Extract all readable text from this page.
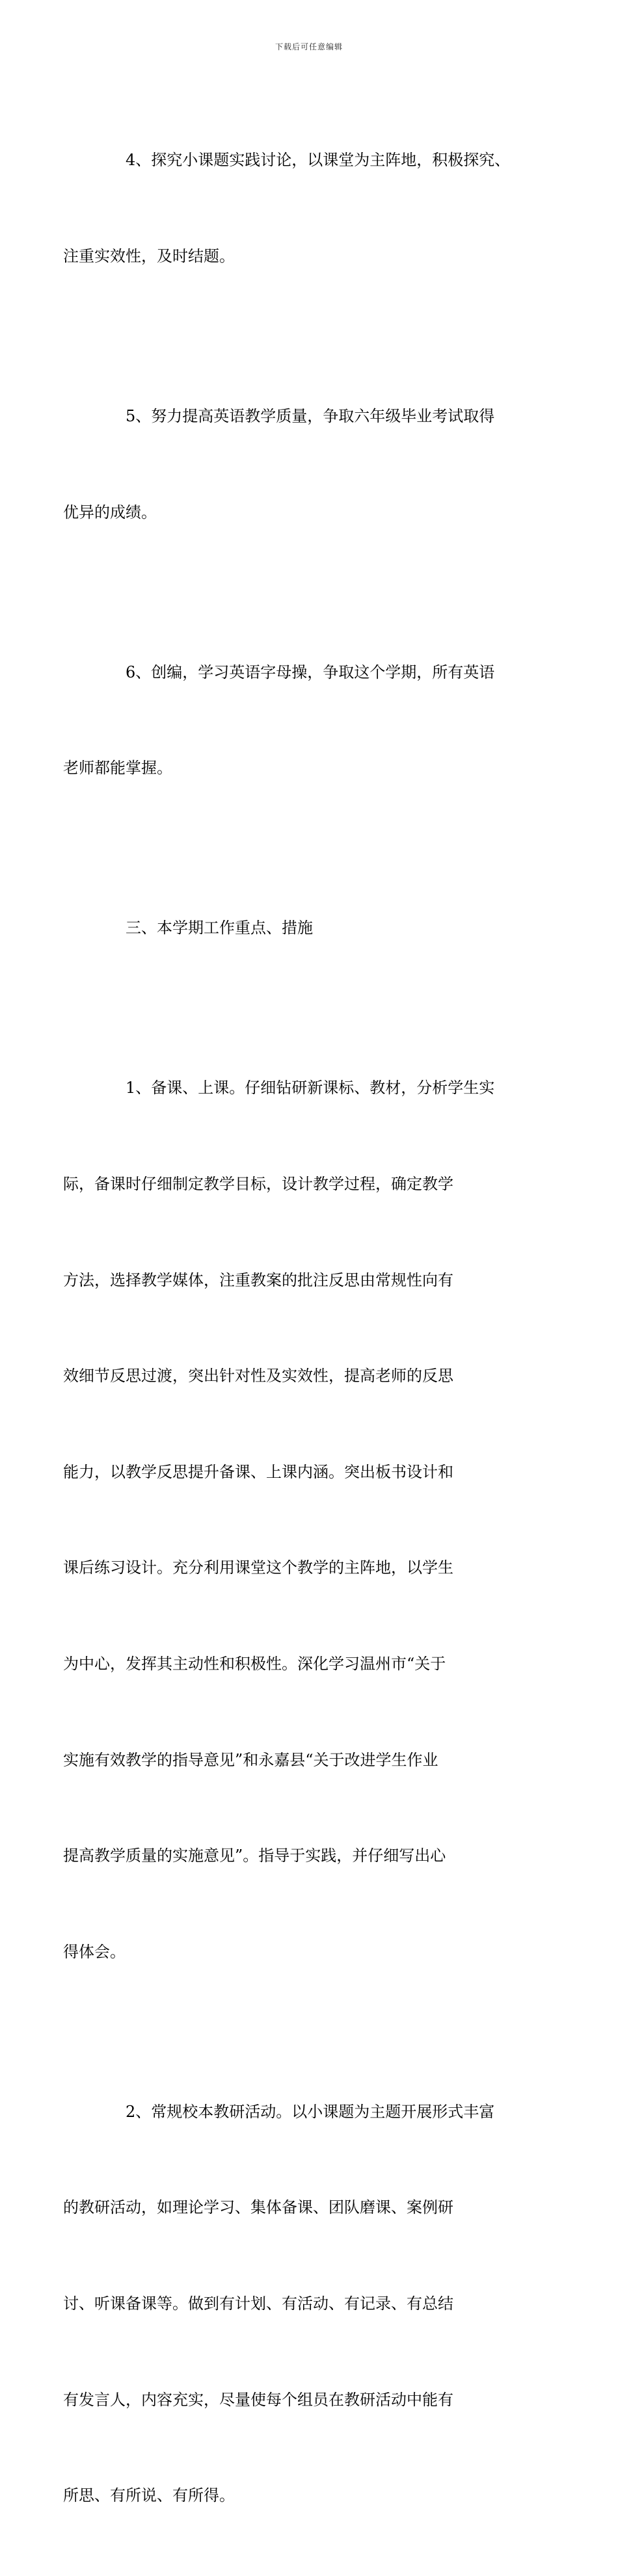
下载后可任意编辑

4、探究小课题实践讨论，以课堂为主阵地，积极探究、

注重实效性，及时结题。

5、努力提高英语教学质量，争取六年级毕业考试取得

优异的成绩。

6、创编，学习英语字母操，争取这个学期，所有英语

老师都能掌握。

三、本学期工作重点、措施

1、备课、上课。仔细钻研新课标、教材，分析学生实

际，备课时仔细制定教学目标，设计教学过程，确定教学

方法，选择教学媒体，注重教案的批注反思由常规性向有

效细节反思过渡，突出针对性及实效性，提高老师的反思

能力，以教学反思提升备课、上课内涵。突出板书设计和

课后练习设计。充分利用课堂这个教学的主阵地，以学生

为中心，发挥其主动性和积极性。深化学习温州市“关于

实施有效教学的指导意见”和永嘉县“关于改进学生作业

提高教学质量的实施意见”。指导于实践，并仔细写出心

得体会。

2、常规校本教研活动。以小课题为主题开展形式丰富

的教研活动，如理论学习、集体备课、团队磨课、案例研

讨、听课备课等。做到有计划、有活动、有记录、有总结

有发言人，内容充实，尽量使每个组员在教研活动中能有

所思、有所说、有所得。
